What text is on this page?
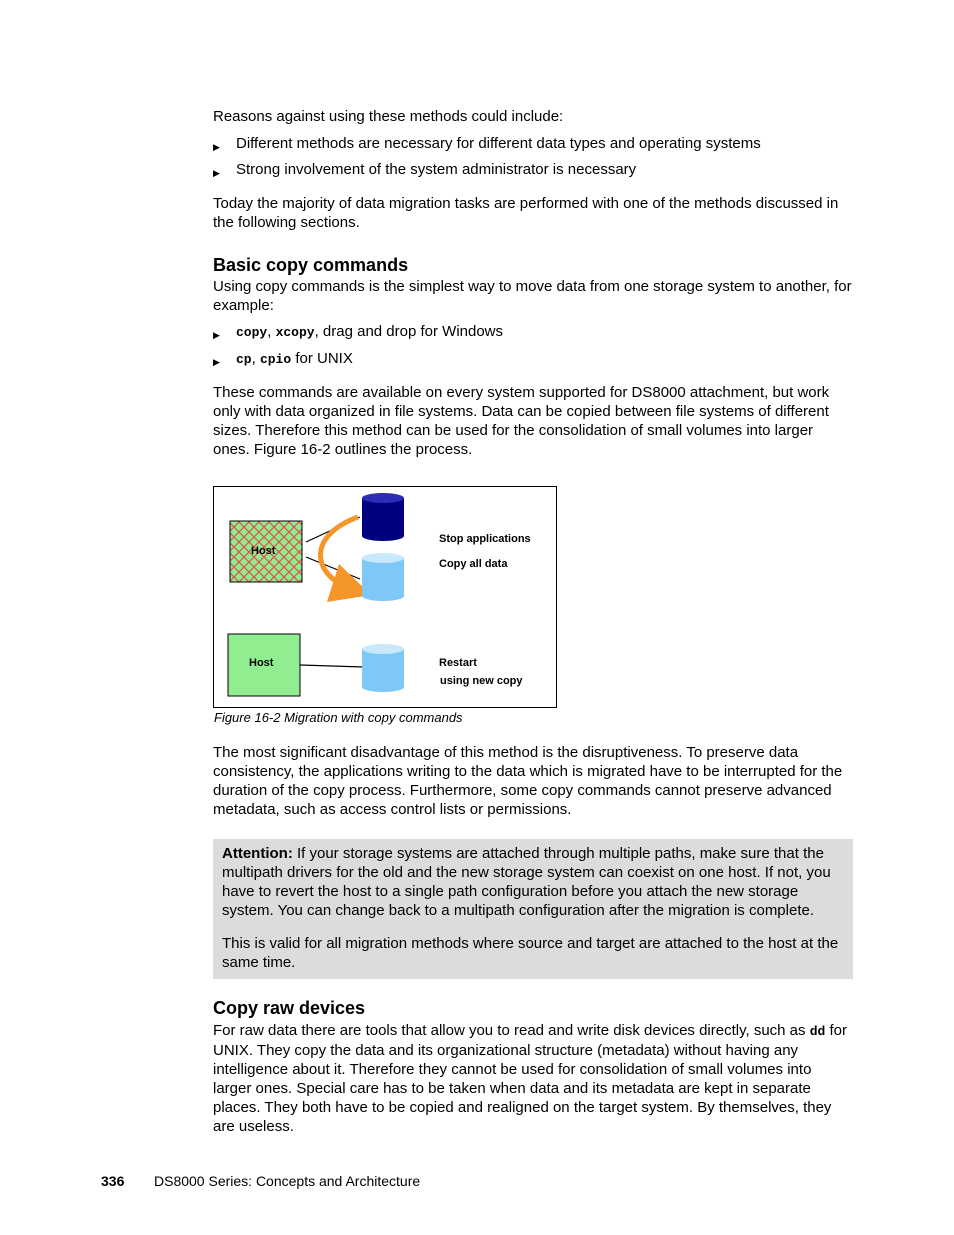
Reasons against using these methods could include:

▶ Different methods are necessary for different data types and operating systems
▶ Strong involvement of the system administrator is necessary

Today the majority of data migration tasks are performed with one of the methods discussed in the following sections.

Basic copy commands

Using copy commands is the simplest way to move data from one storage system to another, for example:

▶ copy, xcopy, drag and drop for Windows
▶ cp, cpio for UNIX

These commands are available on every system supported for DS8000 attachment, but work only with data organized in file systems. Data can be copied between file systems of different sizes. Therefore this method can be used for the consolidation of small volumes into larger ones. Figure 16-2 outlines the process.

Host
Host
Stop applications
Copy all data
Restart
using new copy
Figure 16-2 Migration with copy commands

The most significant disadvantage of this method is the disruptiveness. To preserve data consistency, the applications writing to the data which is migrated have to be interrupted for the duration of the copy process. Furthermore, some copy commands cannot preserve advanced metadata, such as access control lists or permissions.

Attention: If your storage systems are attached through multiple paths, make sure that the multipath drivers for the old and the new storage system can coexist on one host. If not, you have to revert the host to a single path configuration before you attach the new storage system. You can change back to a multipath configuration after the migration is complete.

This is valid for all migration methods where source and target are attached to the host at the same time.

Copy raw devices

For raw data there are tools that allow you to read and write disk devices directly, such as dd for UNIX. They copy the data and its organizational structure (metadata) without having any intelligence about it. Therefore they cannot be used for consolidation of small volumes into larger ones. Special care has to be taken when data and its metadata are kept in separate places. They both have to be copied and realigned on the target system. By themselves, they are useless.

336 DS8000 Series: Concepts and Architecture
